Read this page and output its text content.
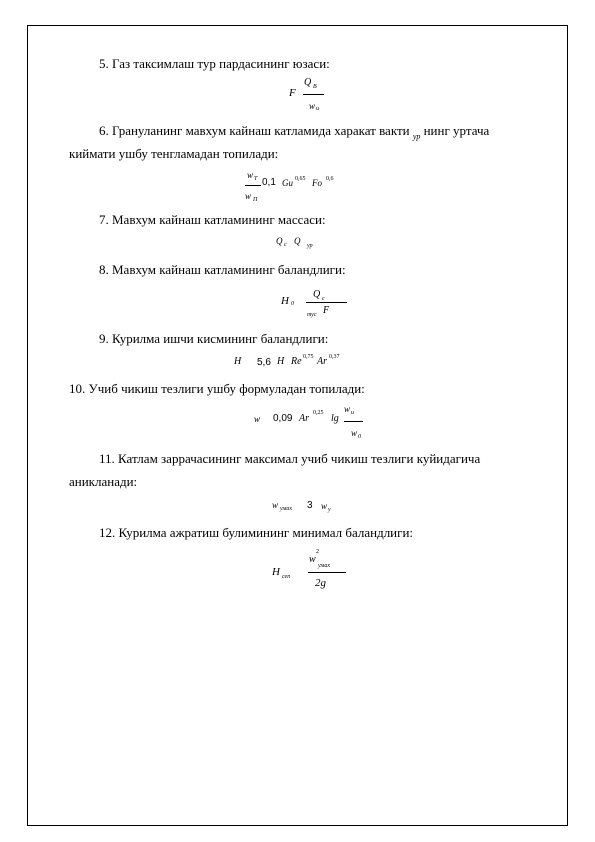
5. Газ таксимлаш тур пардасининг юзаси:
F
Q В
w и
6. Грануланинг мавхум кайнаш катламида харакат вакти $_{ур}$ нинг уртача
киймати ушбу тенгламадан топилади:
w T
w П
0,1 Gu 0,65 Fo 0,6
7. Мавхум кайнаш катламининг массаси:
Q с Q ур
8. Мавхум кайнаш катламининг баландлиги:
H 0
Q с
тус F
9. Курилма ишчи кисмининг баландлиги:
H 5,6 H Re 0,75 Ar 0,37
10. Учиб чикиш тезлиги ушбу формуладан топилади:
w 0,09 Ar 0,25 lg
w и
w 0
11. Катлам заррачасининг максимал учиб чикиш тезлиги куйидагича
аникланади:
w умах 3 w у
12. Курилма ажратиш булимининг минимал баландлиги:
H сеп
w
2
умах
2g
